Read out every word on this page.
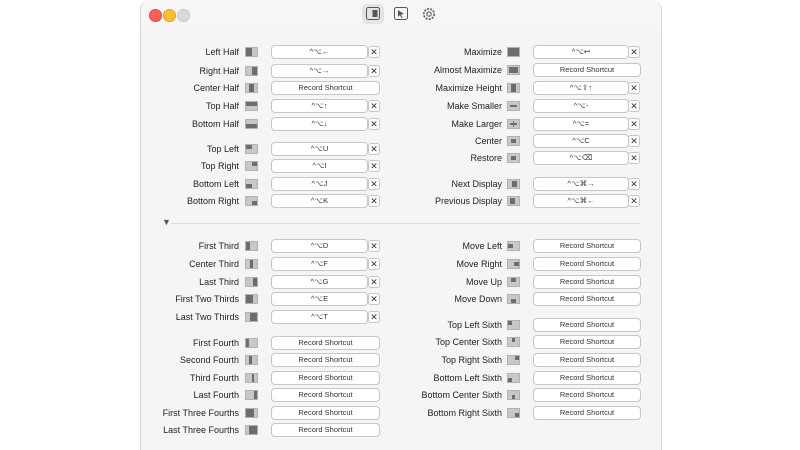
▼
Left Half	^⌥←	✕
Right Half	^⌥→	✕
Center Half	Record Shortcut
Top Half	^⌥↑	✕
Bottom Half	^⌥↓	✕
Top Left	^⌥U	✕
Top Right	^⌥I	✕
Bottom Left	^⌥J	✕
Bottom Right	^⌥K	✕
Maximize	^⌥↩	✕
Almost Maximize	Record Shortcut
Maximize Height	^⌥⇧↑	✕
Make Smaller	^⌥-	✕
Make Larger	^⌥=	✕
Center	^⌥C	✕
Restore	^⌥⌫	✕
Next Display	^⌥⌘→	✕
Previous Display	^⌥⌘←	✕
First Third	^⌥D	✕
Center Third	^⌥F	✕
Last Third	^⌥G	✕
First Two Thirds	^⌥E	✕
Last Two Thirds	^⌥T	✕
First Fourth	Record Shortcut
Second Fourth	Record Shortcut
Third Fourth	Record Shortcut
Last Fourth	Record Shortcut
First Three Fourths	Record Shortcut
Last Three Fourths	Record Shortcut
Move Left	Record Shortcut
Move Right	Record Shortcut
Move Up	Record Shortcut
Move Down	Record Shortcut
Top Left Sixth	Record Shortcut
Top Center Sixth	Record Shortcut
Top Right Sixth	Record Shortcut
Bottom Left Sixth	Record Shortcut
Bottom Center Sixth	Record Shortcut
Bottom Right Sixth	Record Shortcut
